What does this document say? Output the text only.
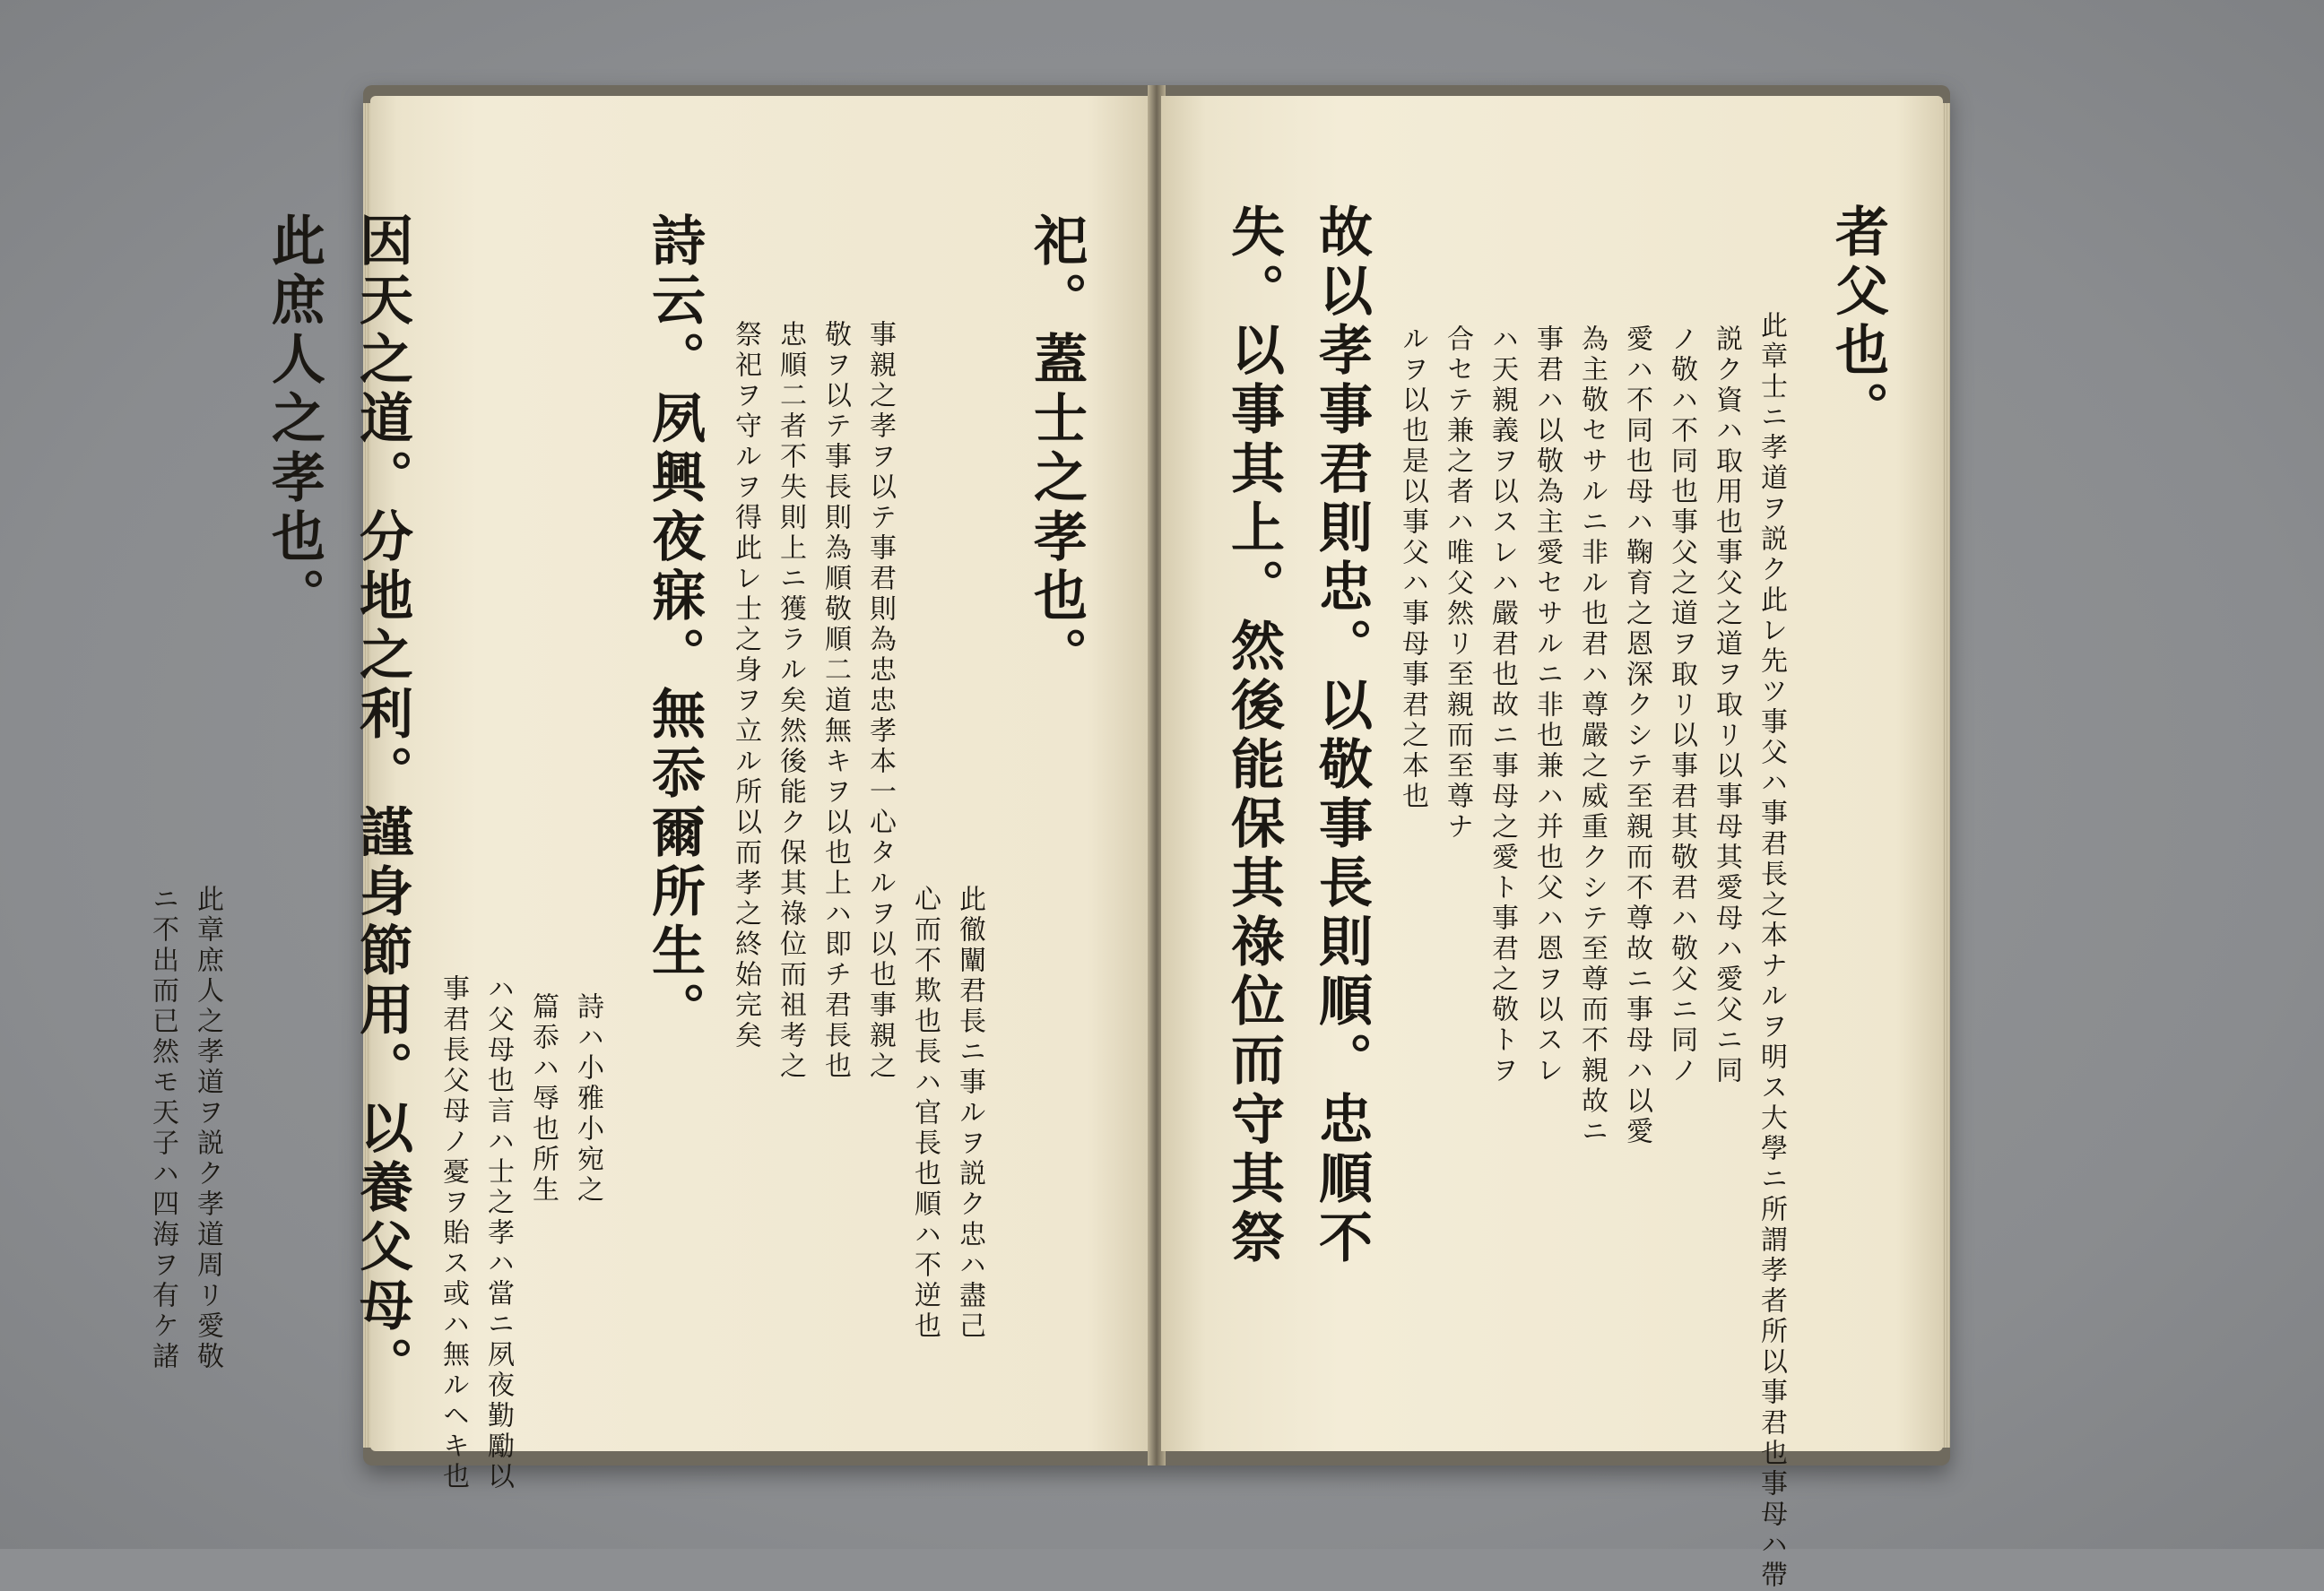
祀。蓋士之孝也。
此徹闡君長ニ事ルヲ説ク忠ハ盡己
心而不欺也長ハ官長也順ハ不逆也
事親之孝ヲ以テ事君則為忠忠孝本一心タルヲ以也事親之
敬ヲ以テ事長則為順敬順二道無キヲ以也上ハ即チ君長也
忠順二者不失則上ニ獲ラル矣然後能ク保其祿位而祖考之
祭祀ヲ守ルヲ得此レ士之身ヲ立ル所以而孝之終始完矣
詩云。夙興夜寐。無忝爾所生。
詩ハ小雅小宛之
篇忝ハ辱也所生
ハ父母也言ハ士之孝ハ當ニ夙夜勤勵以
事君長父母ノ憂ヲ貽ス或ハ無ルヘキ也
因天之道。分地之利。謹身節用。以養父母。
此庶人之孝也。
此章庶人之孝道ヲ説ク孝道周リ愛敬
ニ不出而已然モ天子ハ四海ヲ有ケ諸
者父也。
此章士ニ孝道ヲ説ク此レ先ツ事父ハ事君長之本ナルヲ明ス大學ニ所謂孝者所以事君也事母ハ帶
説ク資ハ取用也事父之道ヲ取リ以事母其愛母ハ愛父ニ同
ノ敬ハ不同也事父之道ヲ取リ以事君其敬君ハ敬父ニ同ノ
愛ハ不同也母ハ鞠育之恩深クシテ至親而不尊故ニ事母ハ以愛
為主敬セサルニ非ル也君ハ尊嚴之威重クシテ至尊而不親故ニ
事君ハ以敬為主愛セサルニ非也兼ハ并也父ハ恩ヲ以スレ
ハ天親義ヲ以スレハ嚴君也故ニ事母之愛ト事君之敬トヲ
合セテ兼之者ハ唯父然リ至親而至尊ナ
ルヲ以也是以事父ハ事母事君之本也
故以孝事君則忠。以敬事長則順。忠順不
失。以事其上。然後能保其祿位而守其祭
